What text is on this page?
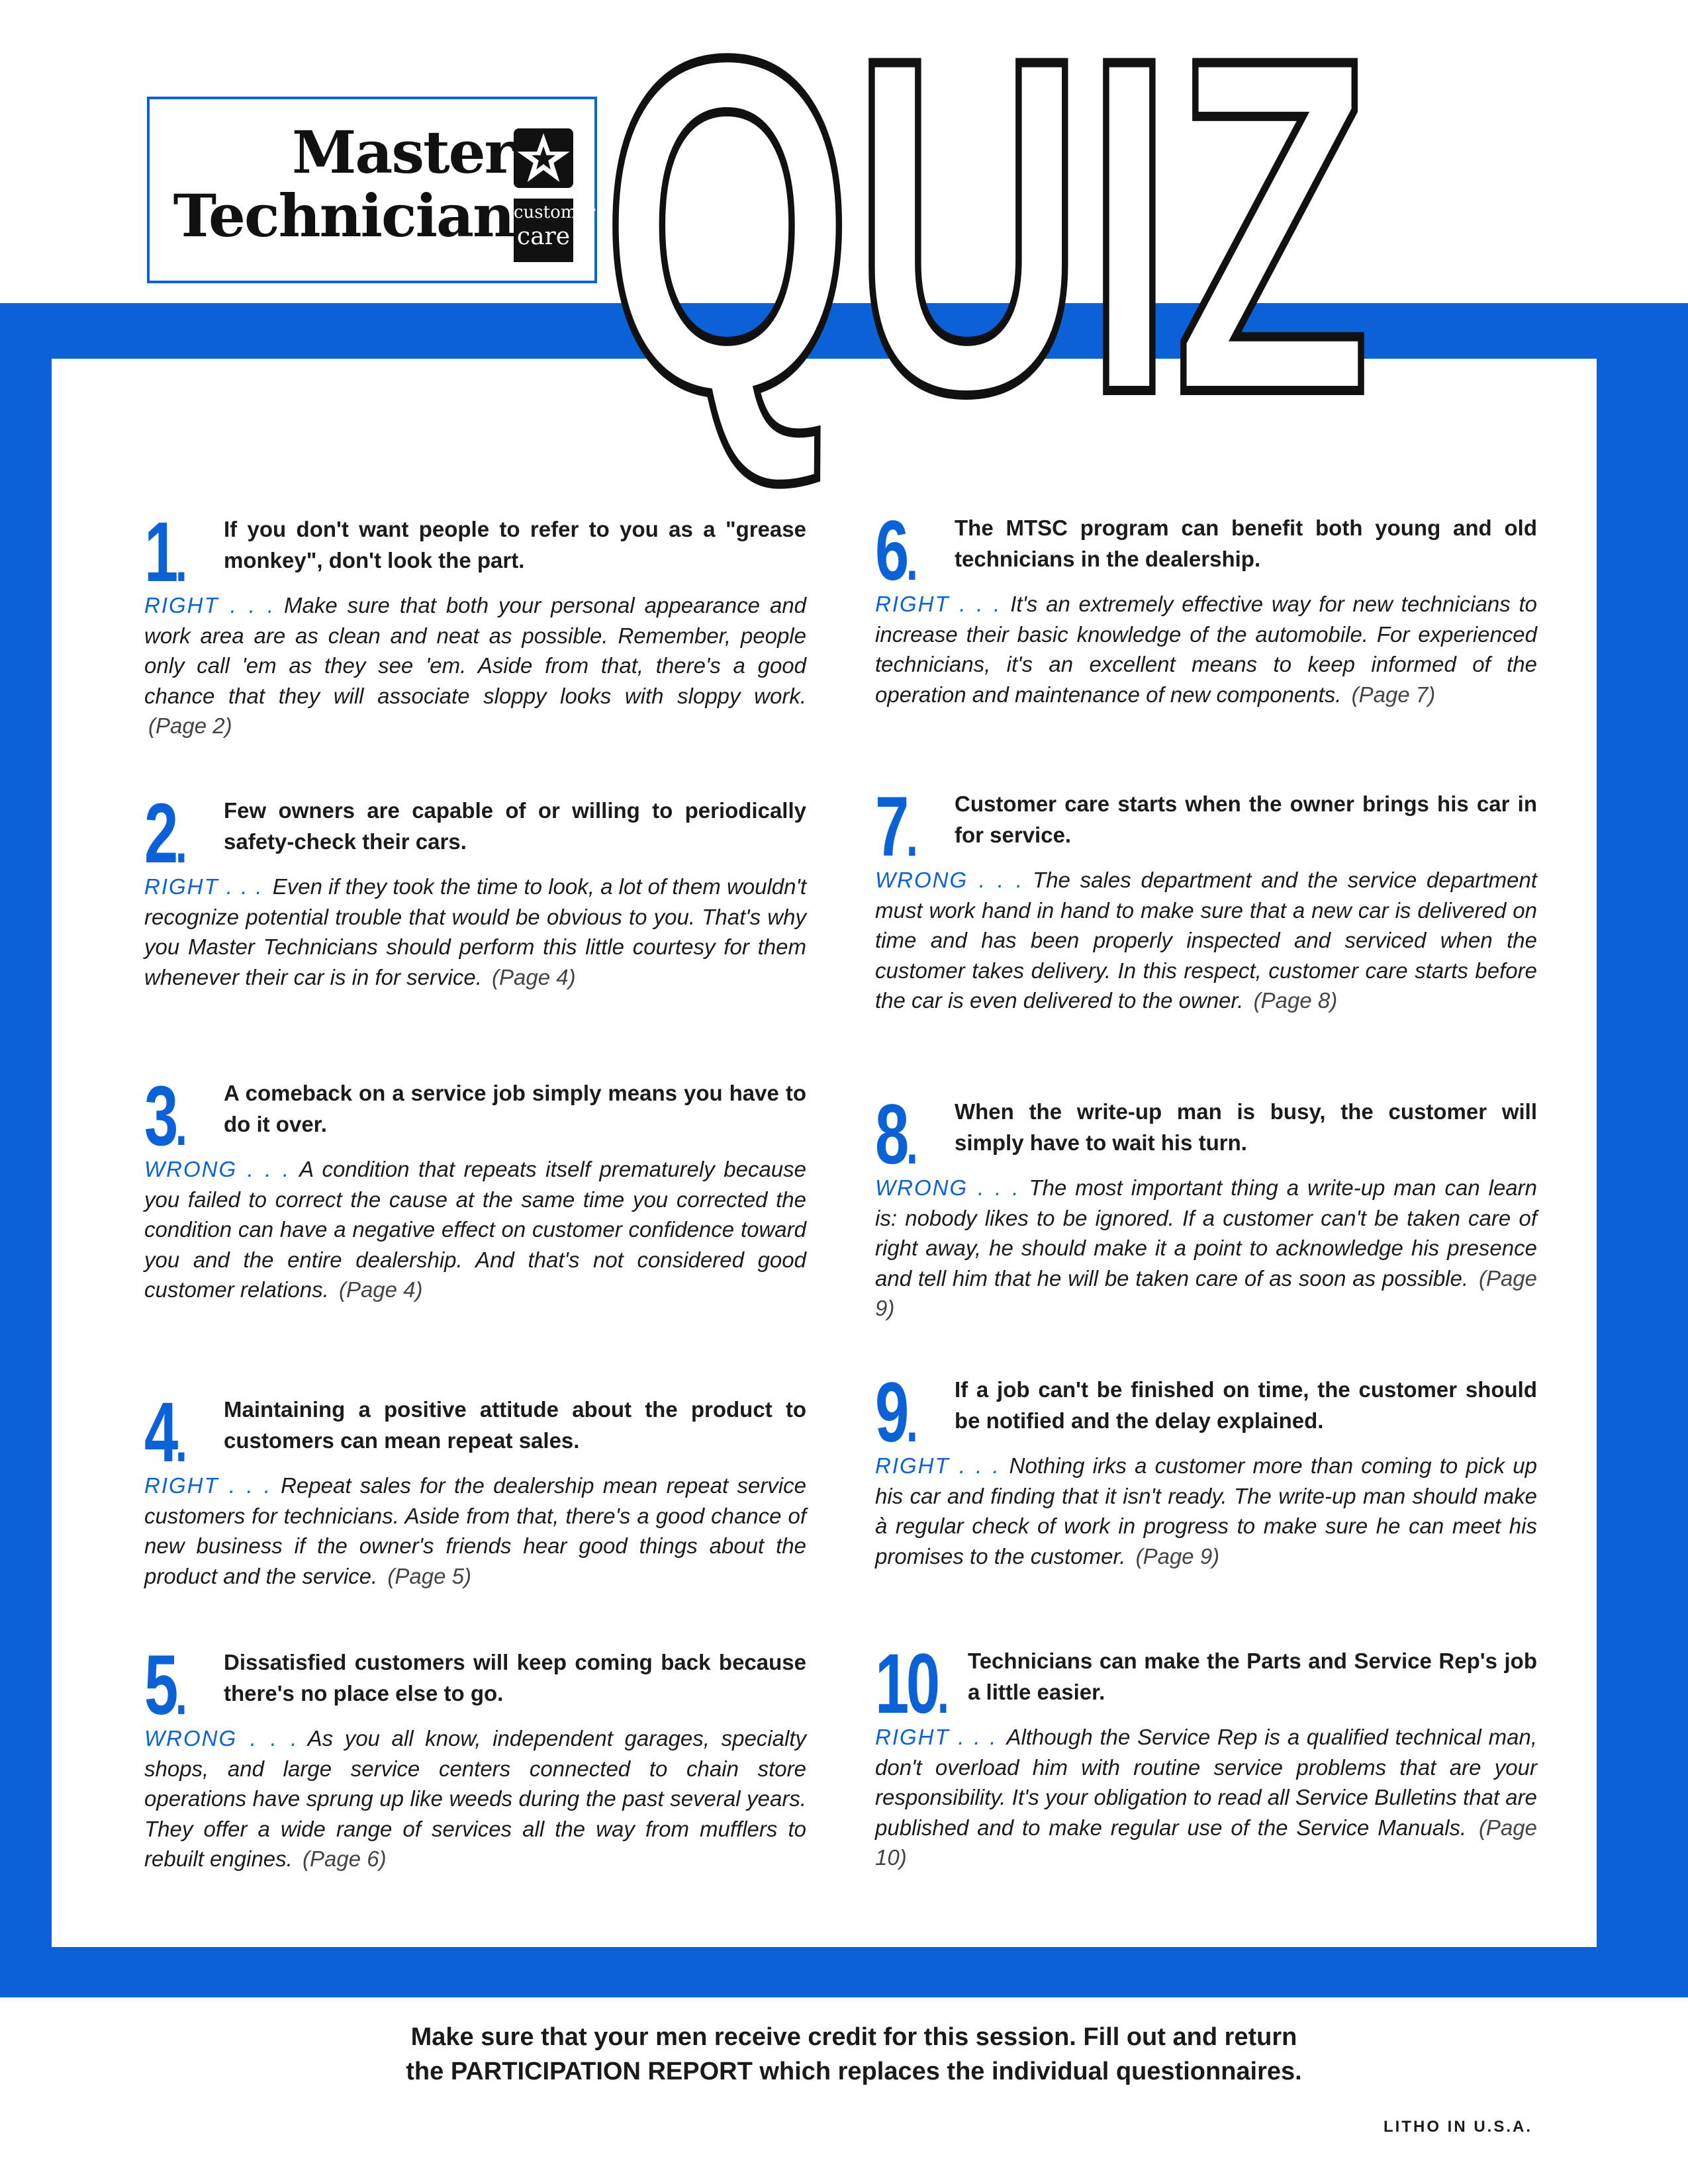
Master
Technician customer
care QUIZ
1 .	If you don't want people to refer to you as a "grease monkey", don't look the part.
RIGHT . . . Make sure that both your personal appearance and work area are as clean and neat as possible. Remember, people only call 'em as they see 'em. Aside from that, there's a good chance that they will associate sloppy looks with sloppy work. (Page 2)
2 .	Few owners are capable of or willing to periodically safety-check their cars.
RIGHT . . . Even if they took the time to look, a lot of them wouldn't recognize potential trouble that would be obvious to you. That's why you Master Technicians should perform this little courtesy for them whenever their car is in for service. (Page 4)
3 .	A comeback on a service job simply means you have to do it over.
WRONG . . . A condition that repeats itself prematurely because you failed to correct the cause at the same time you corrected the condition can have a negative effect on customer confidence toward you and the entire dealership. And that's not considered good customer relations. (Page 4)
4 .	Maintaining a positive attitude about the product to customers can mean repeat sales.
RIGHT . . . Repeat sales for the dealership mean repeat service customers for technicians. Aside from that, there's a good chance of new business if the owner's friends hear good things about the product and the service. (Page 5)
5 .	Dissatisfied customers will keep coming back because there's no place else to go.
WRONG . . . As you all know, independent garages, specialty shops, and large service centers connected to chain store operations have sprung up like weeds during the past several years. They offer a wide range of services all the way from mufflers to rebuilt engines. (Page 6)
6 .	The MTSC program can benefit both young and old technicians in the dealership.
RIGHT . . . It's an extremely effective way for new technicians to increase their basic knowledge of the automobile. For experienced technicians, it's an excellent means to keep informed of the operation and maintenance of new components. (Page 7)
7 .	Customer care starts when the owner brings his car in for service.
WRONG . . . The sales department and the service department must work hand in hand to make sure that a new car is delivered on time and has been properly inspected and serviced when the customer takes delivery. In this respect, customer care starts before the car is even delivered to the owner. (Page 8)
8 .	When the write-up man is busy, the customer will simply have to wait his turn.
WRONG . . . The most important thing a write-up man can learn is: nobody likes to be ignored. If a customer can't be taken care of right away, he should make it a point to acknowledge his presence and tell him that he will be taken care of as soon as possible. (Page 9)
9 .	If a job can't be finished on time, the customer should be notified and the delay explained.
RIGHT . . . Nothing irks a customer more than coming to pick up his car and finding that it isn't ready. The write-up man should make à regular check of work in progress to make sure he can meet his promises to the customer. (Page 9)
10 .	Technicians can make the Parts and Service Rep's job a little easier.
RIGHT . . . Although the Service Rep is a qualified technical man, don't overload him with routine service problems that are your responsibility. It's your obligation to read all Service Bulletins that are published and to make regular use of the Service Manuals. (Page 10)
Make sure that your men receive credit for this session. Fill out and return
the PARTICIPATION REPORT which replaces the individual questionnaires.
LITHO IN U.S.A.
